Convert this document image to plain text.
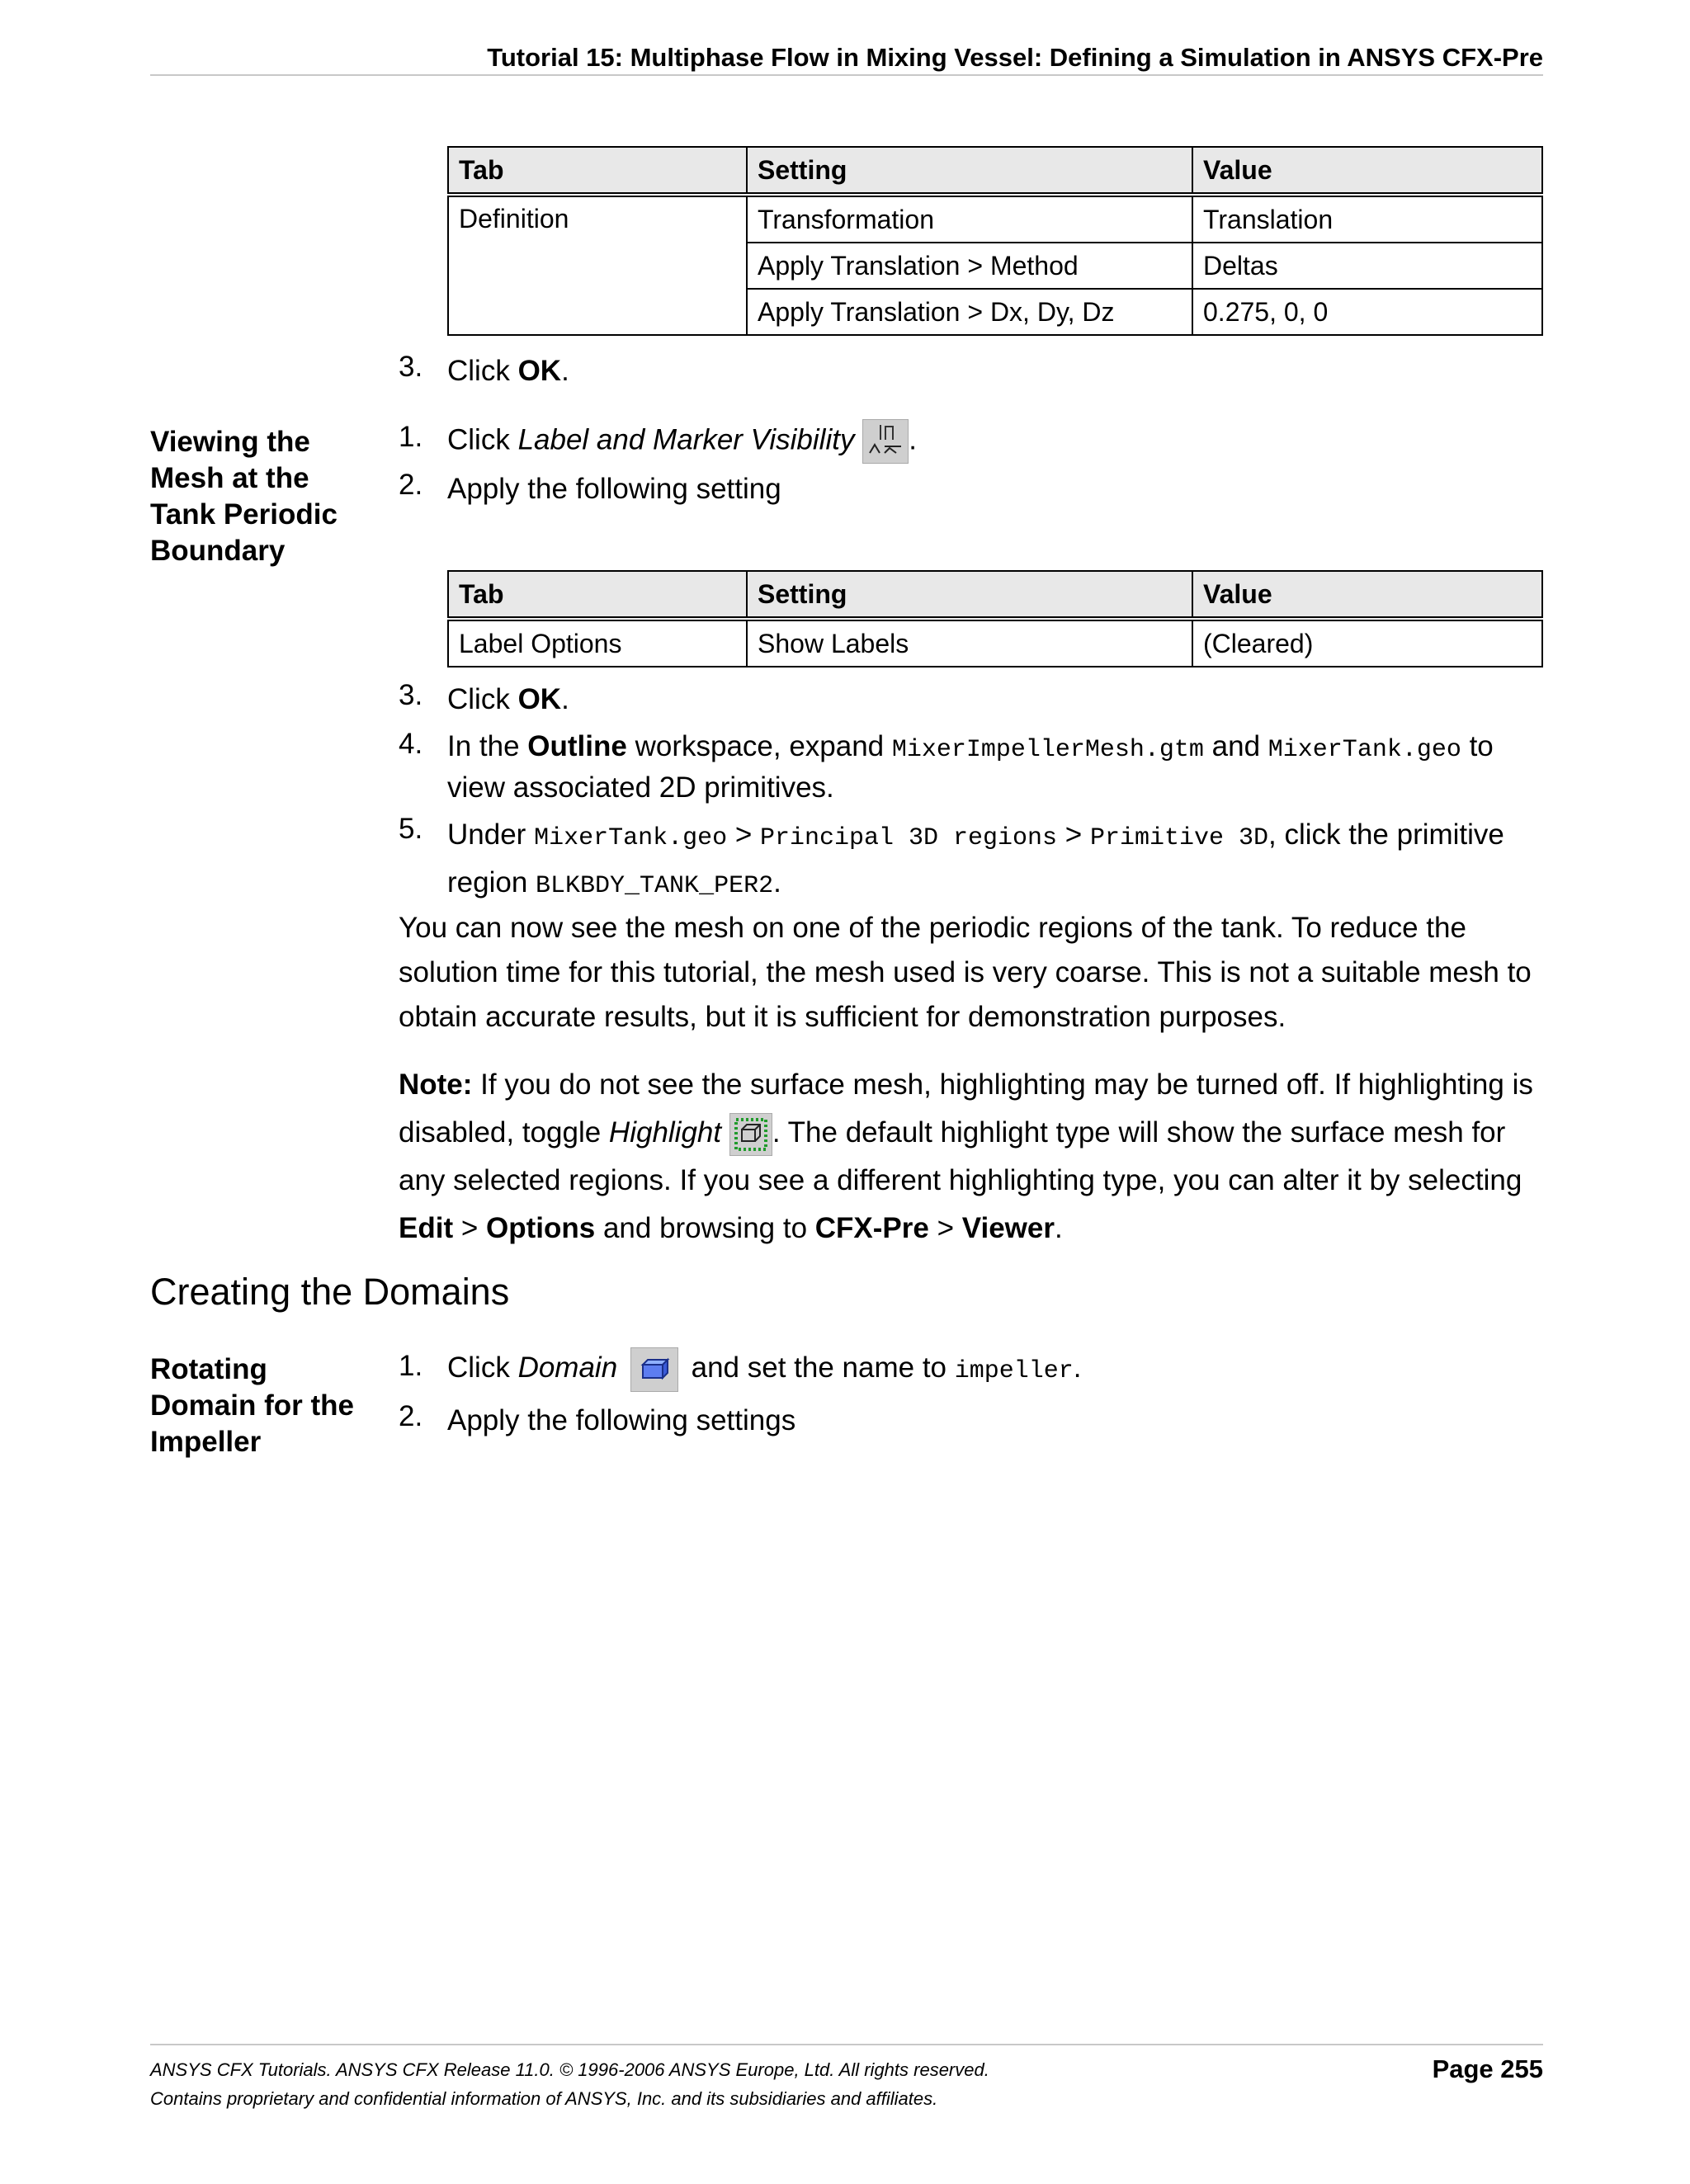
Tutorial 15: Multiphase Flow in Mixing Vessel: Defining a Simulation in ANSYS CFX-Pre
Tab	Setting	Value
Definition	Transformation	Translation
	Apply Translation > Method	Deltas
	Apply Translation > Dx, Dy, Dz	0.275, 0, 0
3. Click OK.
Viewing the Mesh at the Tank Periodic Boundary
1. Click Label and Marker Visibility .
2. Apply the following setting
Tab	Setting	Value
Label Options	Show Labels	(Cleared)
3. Click OK.
4. In the Outline workspace, expand MixerImpellerMesh.gtm and MixerTank.geo to view associated 2D primitives.
5. Under MixerTank.geo > Principal 3D regions > Primitive 3D, click the primitive region BLKBDY_TANK_PER2.
You can now see the mesh on one of the periodic regions of the tank. To reduce the solution time for this tutorial, the mesh used is very coarse. This is not a suitable mesh to obtain accurate results, but it is sufficient for demonstration purposes.
Note: If you do not see the surface mesh, highlighting may be turned off. If highlighting is disabled, toggle Highlight . The default highlight type will show the surface mesh for any selected regions. If you see a different highlighting type, you can alter it by selecting Edit > Options and browsing to CFX-Pre > Viewer.
Creating the Domains
Rotating Domain for the Impeller
1. Click Domain  and set the name to impeller.
2. Apply the following settings
ANSYS CFX Tutorials. ANSYS CFX Release 11.0. © 1996-2006 ANSYS Europe, Ltd. All rights reserved.
Contains proprietary and confidential information of ANSYS, Inc. and its subsidiaries and affiliates.
Page 255
